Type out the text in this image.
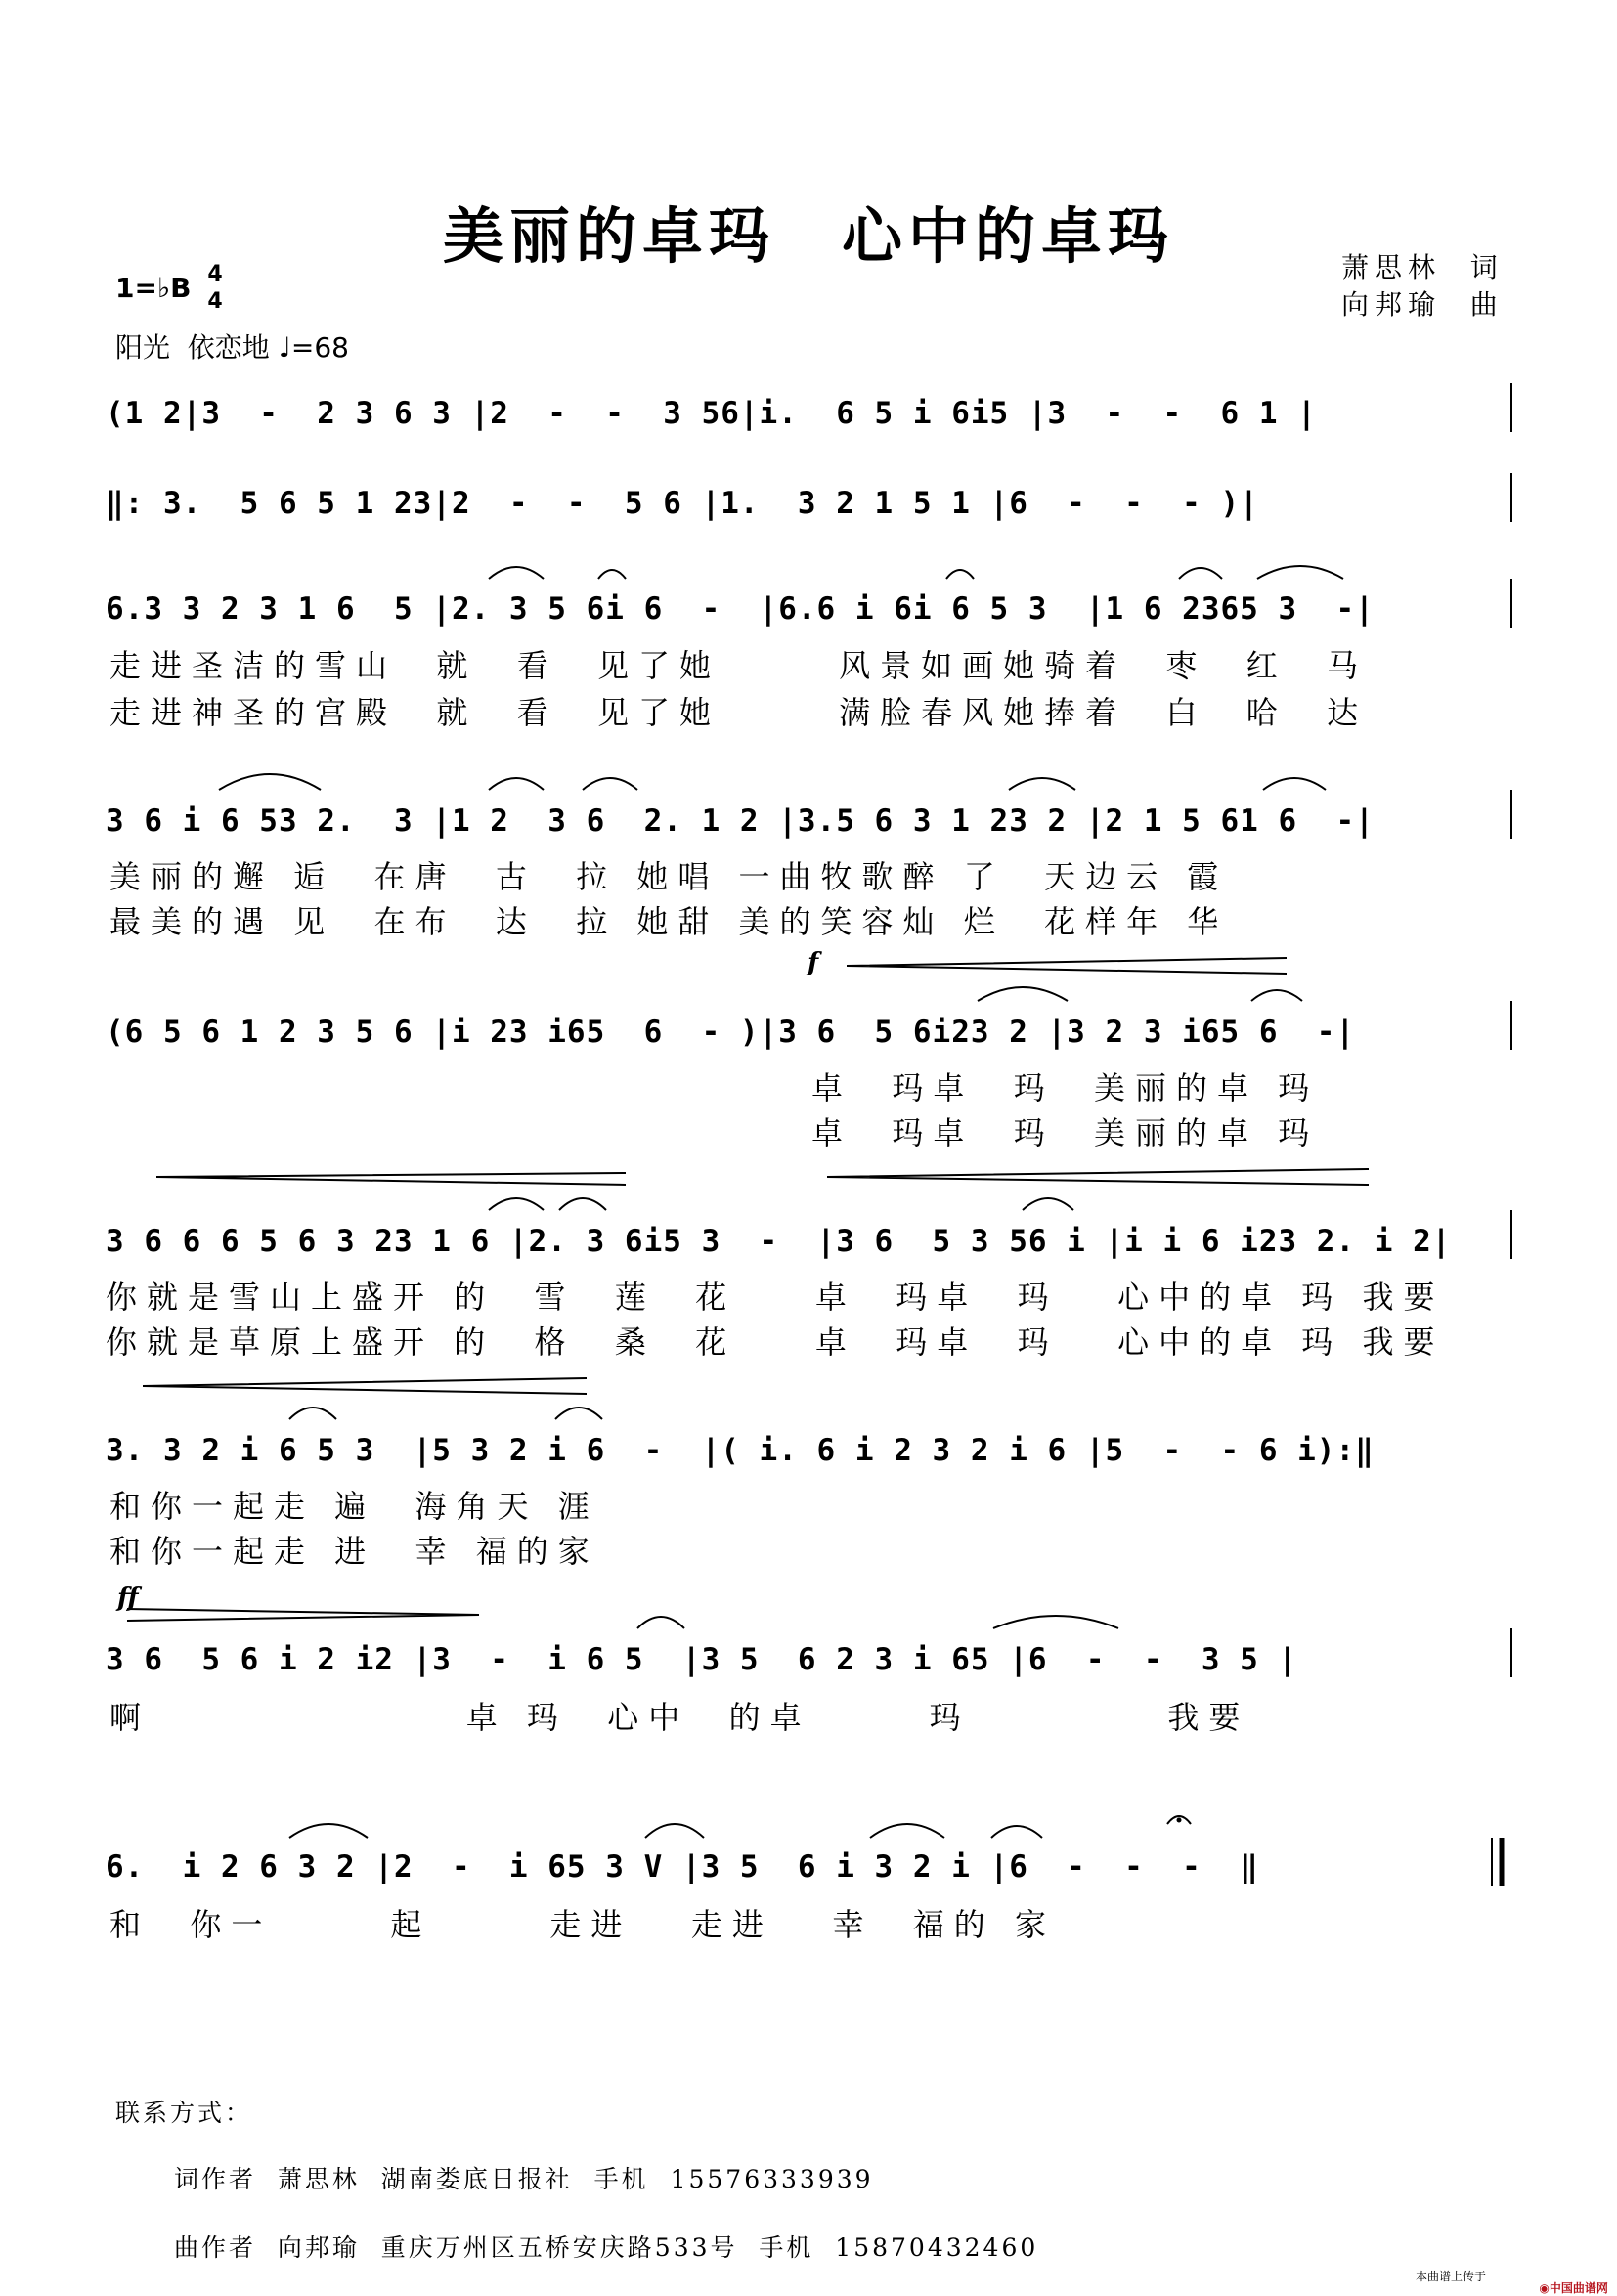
美丽的卓玛　心中的卓玛	萧思林  词
向邦瑜  曲
1=♭B 4
4
阳光  依恋地 ♩=68
(1 2|3  -  2 3 6 3 |2  -  -  3 56|i.  6 5 i 6i5 |3  -  -  6 1 |
‖: 3.  5 6 5 1 23|2  -  -  5 6 |1.  3 2 1 5 1 |6  -  -  - )|
6.3 3 2 3 1 6  5 |2. 3 5 6i 6  -  |6.6 i 6i 6 5 3  |1 6 2365 3  -|
走进圣洁的雪山  就  看  见了她      风景如画她骑着  枣  红  马
走进神圣的宫殿  就  看  见了她      满脸春风她捧着  白  哈  达
3 6 i 6 53 2.  3 |1 2  3 6  2. 1 2 |3.5 6 3 1 23 2 |2 1 5 61 6  -|
美丽的邂 逅  在唐  古  拉 她唱 一曲牧歌醉 了  天边云 霞
最美的遇 见  在布  达  拉 她甜 美的笑容灿 烂  花样年 华
f
(6 5 6 1 2 3 5 6 |i 23 i65  6  - )|3 6  5 6i23 2 |3 2 3 i65 6  -|
卓  玛卓  玛  美丽的卓 玛
卓  玛卓  玛  美丽的卓 玛
3 6 6 6 5 6 3 23 1 6 |2. 3 6i5 3  -  |3 6  5 3 56 i |i i 6 i23 2. i 2|
你就是雪山上盛开 的  雪  莲  花    卓  玛卓  玛   心中的卓 玛 我要
你就是草原上盛开 的  格  桑  花    卓  玛卓  玛   心中的卓 玛 我要
3. 3 2 i 6 5 3  |5 3 2 i 6  -  |( i. 6 i 2 3 2 i 6 |5  -  - 6 i):‖
和你一起走 遍  海角天 涯
和你一起走 进  幸 福的家
ff
3 6  5 6 i 2 i2 |3  -  i 6 5  |3 5  6 2 3 i 65 |6  -  -  3 5 |
啊                卓 玛  心中  的卓      玛          我要
6.  i 2 6 3 2 |2  -  i 65 3 V |3 5  6 i 3 2 i |6  -  -  -  ‖
和  你一      起      走进   走进   幸  福的 家
联系方式：
词作者  萧思林  湖南娄底日报社  手机  15576333939
曲作者  向邦瑜  重庆万州区五桥安庆路533号  手机  15870432460
本曲谱上传于

◉中国曲谱网
